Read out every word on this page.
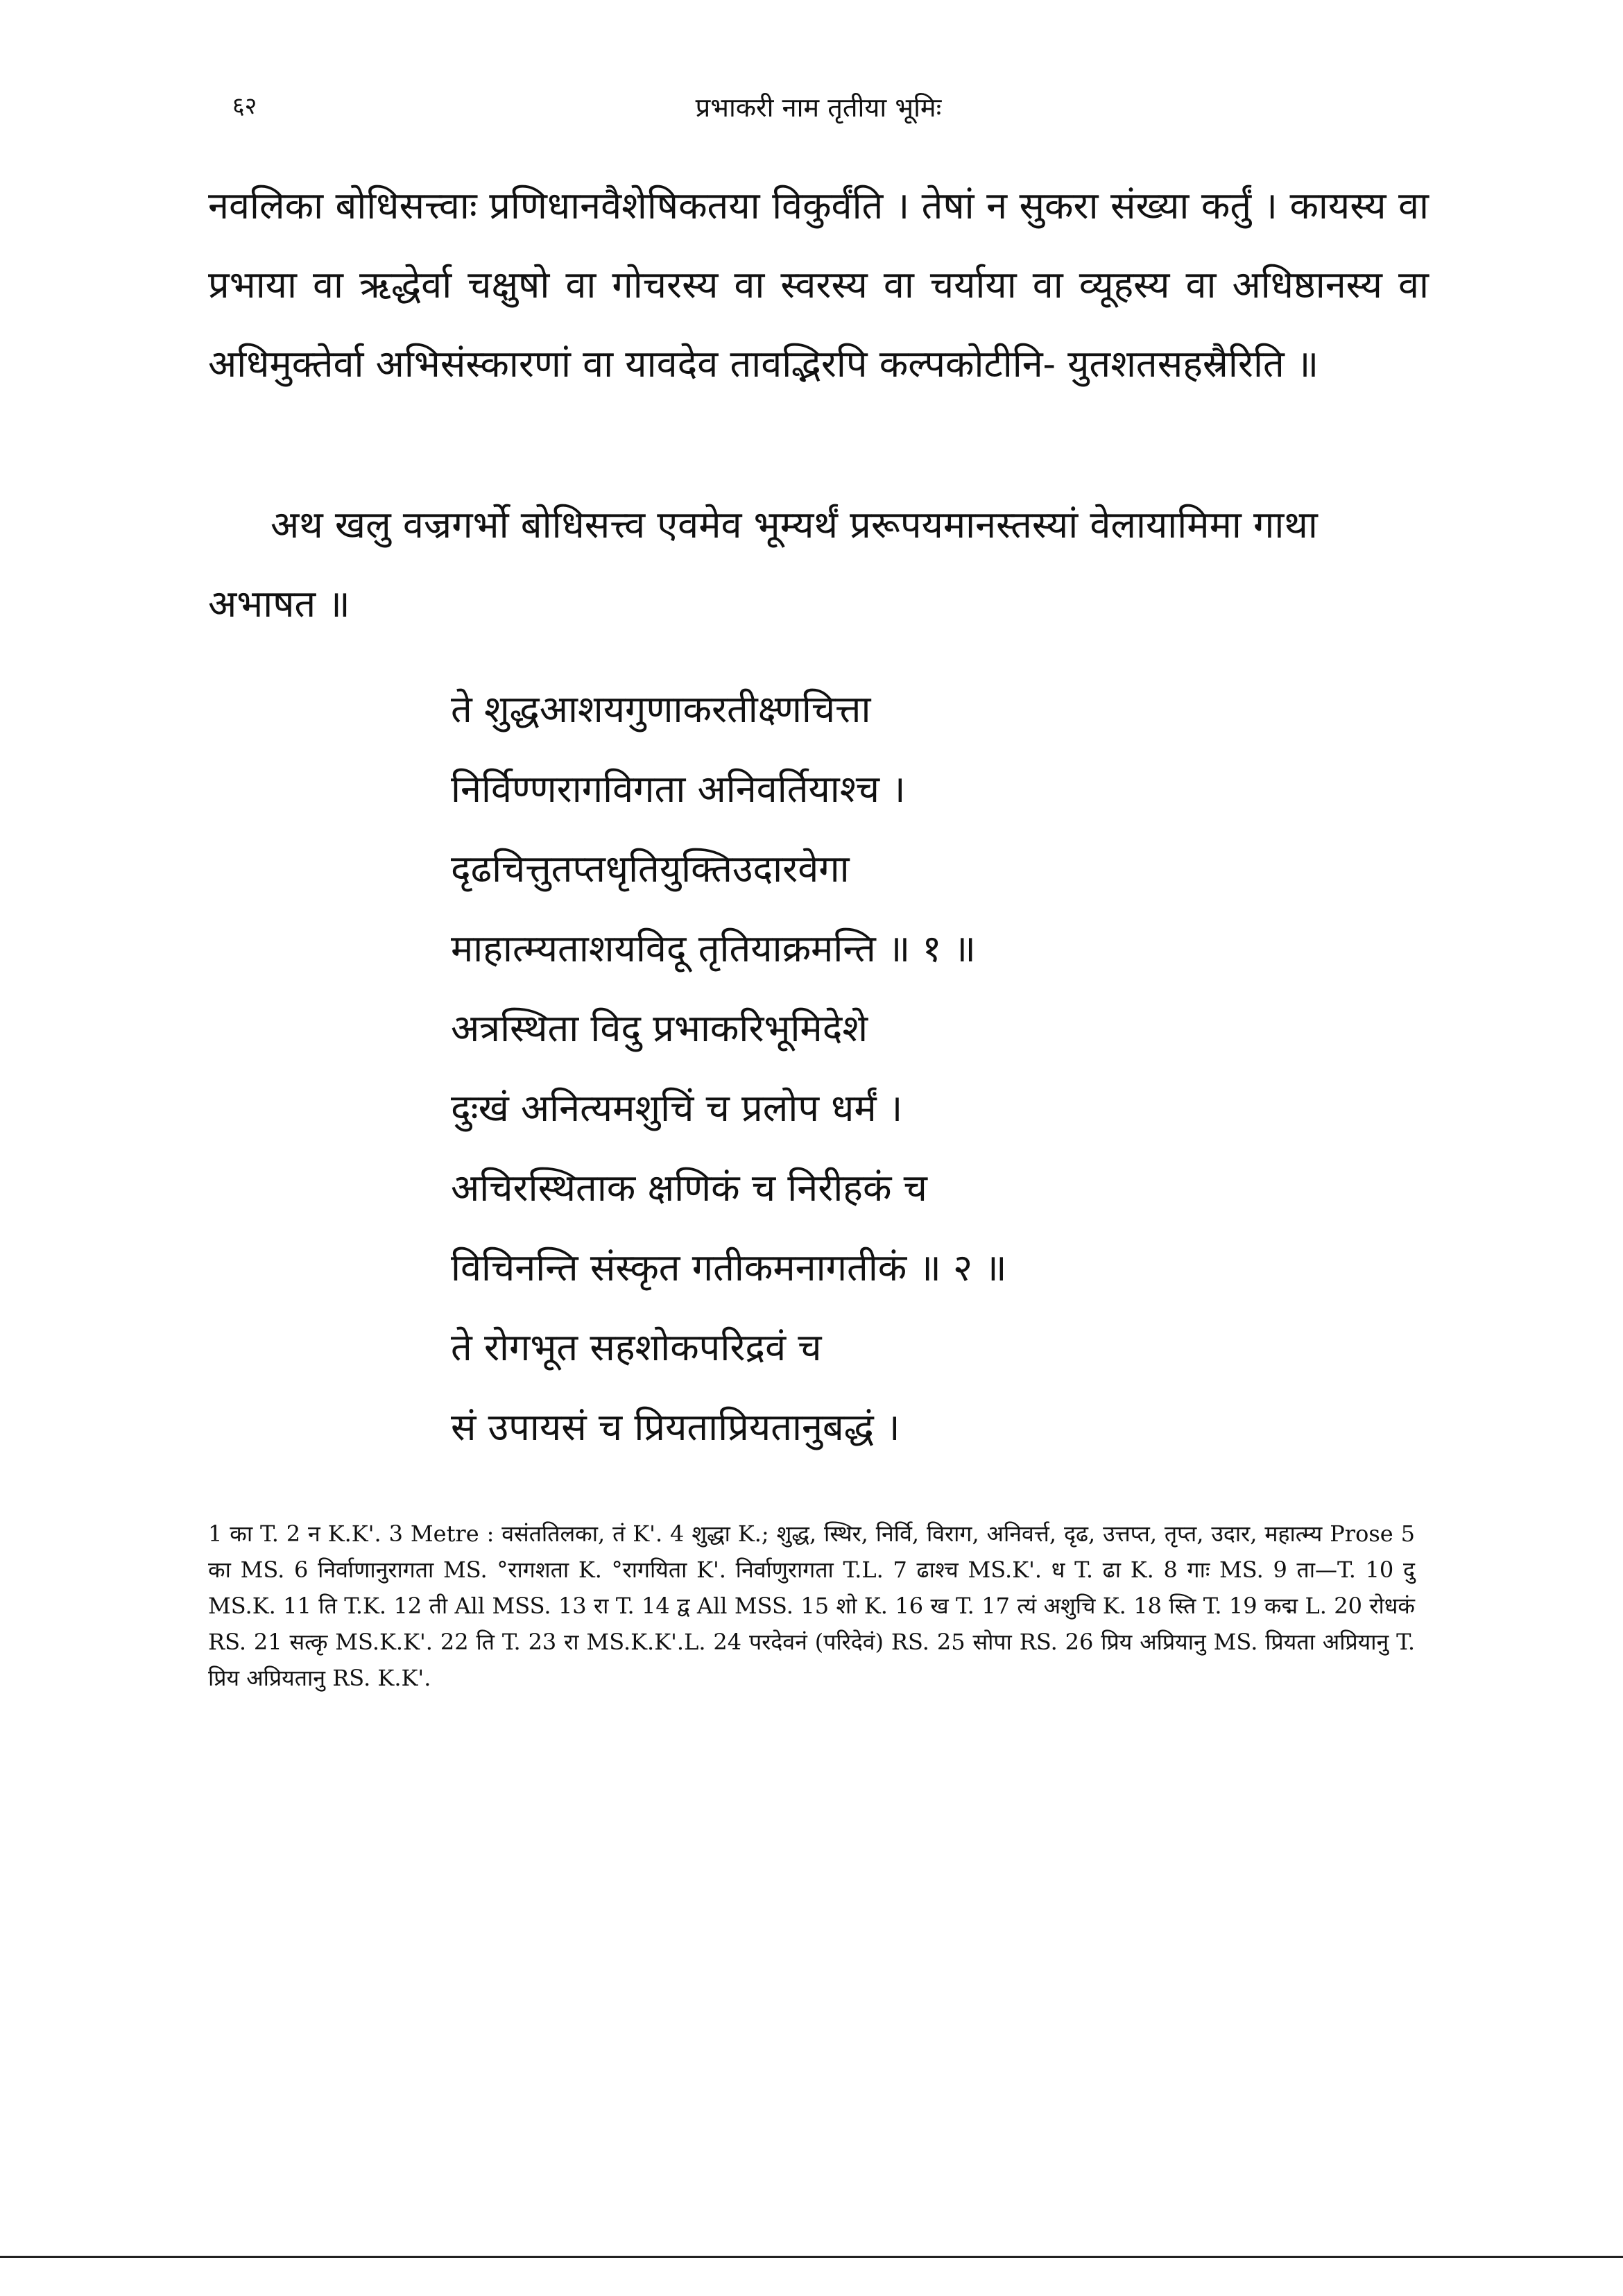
६२	प्रभाकरी नाम तृतीया भूमिः

नवलिका बोधिसत्त्वाः प्रणिधानवैशेषिकतया विकुर्वंति । तेषां न सुकरा संख्या कर्तुं । कायस्य वा प्रभाया वा ऋद्धेर्वा चक्षुषो वा गोचरस्य वा स्वरस्य वा चर्याया वा व्यूहस्य वा अधिष्ठानस्य वा अधिमुक्तेर्वा अभिसंस्कारणां वा यावदेव तावद्भिरपि कल्पकोटीनि- युतशतसहस्रैरिति ॥

अथ खलु वज्रगर्भो बोधिसत्त्व एवमेव भूम्यर्थं प्ररूपयमानस्तस्यां वेलायामिमा गाथा अभाषत ॥

ते शुद्धआशयगुणाकरतीक्ष्णचित्ता
निर्विण्णरागविगता अनिवर्तियाश्च ।
दृढचित्तुतप्तधृतियुक्तिउदारवेगा
माहात्म्यताशयविदू तृतियाक्रमन्ति ॥ १ ॥
अत्रस्थिता विदु प्रभाकरिभूमिदेशे
दुःखं अनित्यमशुचिं च प्रलोप धर्मं ।
अचिरस्थिताक क्षणिकं च निरीहकं च
विचिनन्ति संस्कृत गतीकमनागतीकं ॥ २ ॥
ते रोगभूत सहशोकपरिद्रवं च
सं उपायसं च प्रियताप्रियतानुबद्धं ।

1 का T. 2 न K.K'. 3 Metre : वसंततिलका, तं K'. 4 शुद्धा K.; शुद्ध, स्थिर, निर्वि, विराग, अनिवर्त्त, दृढ, उत्तप्त, तृप्त, उदार, महात्म्य Prose 5 का MS. 6 निर्वाणानुरागता MS. °रागशता K. °रागयिता K'. निर्वाणुरागता T.L. 7 ढाश्च MS.K'. ध T. ढा K. 8 गाः MS. 9 ता—T. 10 दु MS.K. 11 ति T.K. 12 ती All MSS. 13 रा T. 14 द्व All MSS. 15 शो K. 16 ख T. 17 त्यं अशुचि K. 18 स्ति T. 19 कद्म L. 20 रोधकं RS. 21 सत्कृ MS.K.K'. 22 ति T. 23 रा MS.K.K'.L. 24 परदेवनं (परिदेवं) RS. 25 सोपा RS. 26 प्रिय अप्रियानु MS. प्रियता अप्रियानु T. प्रिय अप्रियतानु RS. K.K'.
